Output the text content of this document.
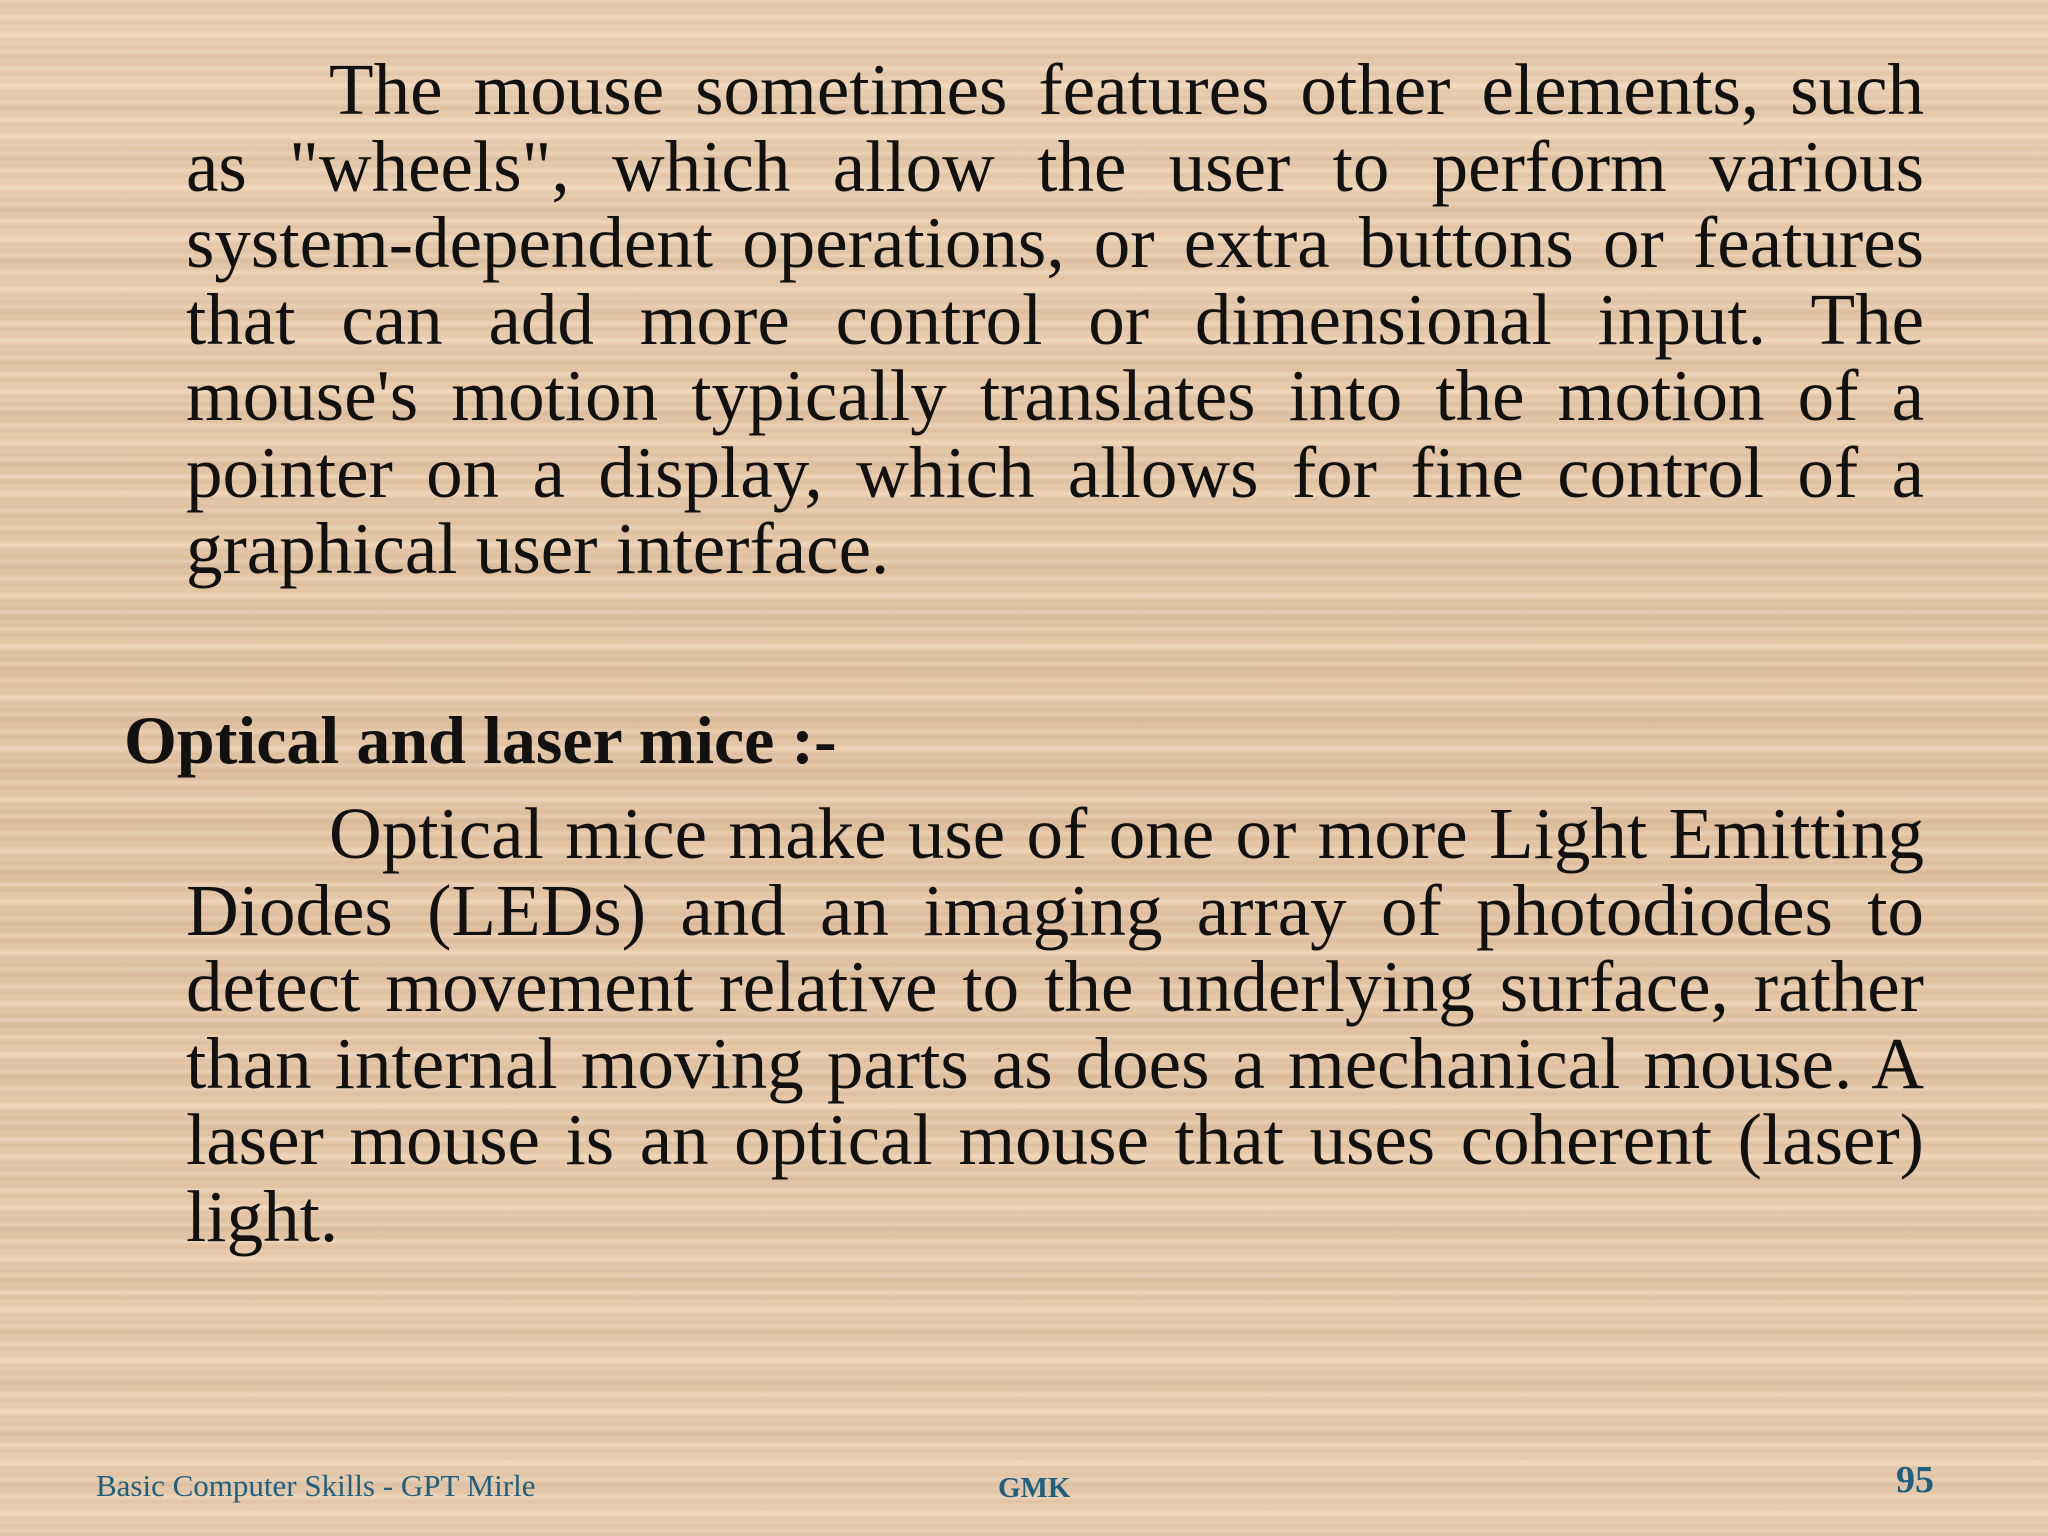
The mouse sometimes features other elements, such as "wheels", which allow the user to perform various system-dependent operations, or extra buttons or features that can add more control or dimensional input. The mouse's motion typically translates into the motion of a pointer on a display, which allows for fine control of a graphical user interface.

Optical and laser mice :-

Optical mice make use of one or more Light Emitting Diodes (LEDs) and an imaging array of photodiodes to detect movement relative to the underlying surface, rather than internal moving parts as does a mechanical mouse. A laser mouse is an optical mouse that uses coherent (laser) light.

Basic Computer Skills - GPT Mirle	GMK	95
